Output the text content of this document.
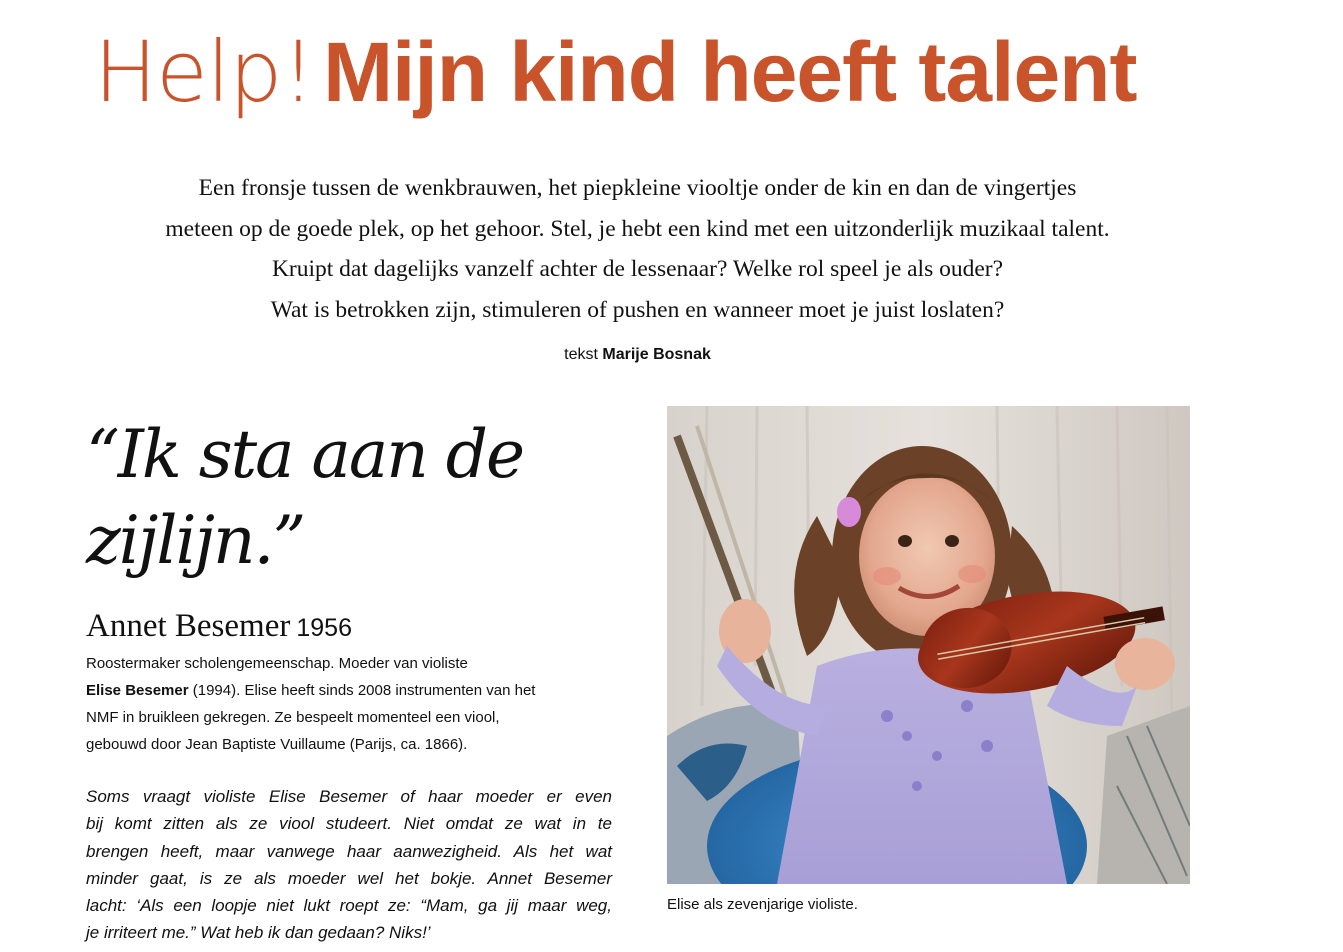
Help! Mijn kind heeft talent

Een fronsje tussen de wenkbrauwen, het piepkleine viooltje onder de kin en dan de vingertjes
meteen op de goede plek, op het gehoor. Stel, je hebt een kind met een uitzonderlijk muzikaal talent.
Kruipt dat dagelijks vanzelf achter de lessenaar? Welke rol speel je als ouder?
Wat is betrokken zijn, stimuleren of pushen en wanneer moet je juist loslaten?

tekst Marije Bosnak
“Ik sta aan de
zijlijn.”
Annet Besemer 1956
Roostermaker scholengemeenschap. Moeder van violiste
Elise Besemer (1994). Elise heeft sinds 2008 instrumenten van het
NMF in bruikleen gekregen. Ze bespeelt momenteel een viool,
gebouwd door Jean Baptiste Vuillaume (Parijs, ca. 1866).
Soms vraagt violiste Elise Besemer of haar moeder er even
bij komt zitten als ze viool studeert. Niet omdat ze wat in te
brengen heeft, maar vanwege haar aanwezigheid. Als het wat
minder gaat, is ze als moeder wel het bokje. Annet Besemer
lacht: ‘Als een loopje niet lukt roept ze: “Mam, ga jij maar weg,
je irriteert me.” Wat heb ik dan gedaan? Niks!’
Elise als zevenjarige violiste.
